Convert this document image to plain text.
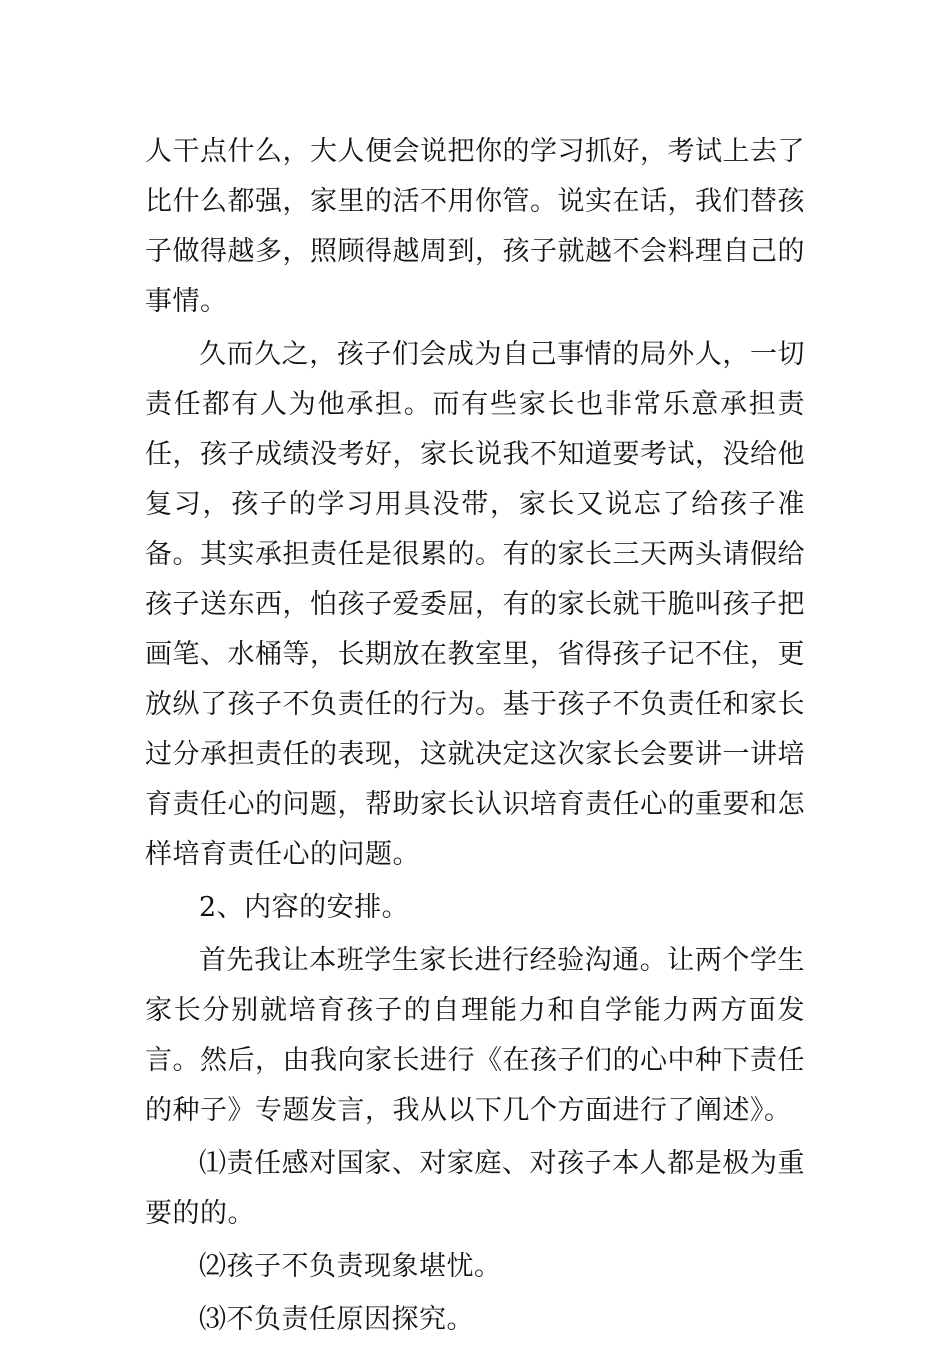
人干点什么，大人便会说把你的学习抓好，考试上去了比什么都强，家里的活不用你管。说实在话，我们替孩子做得越多，照顾得越周到，孩子就越不会料理自己的事情。

久而久之，孩子们会成为自己事情的局外人，一切责任都有人为他承担。而有些家长也非常乐意承担责任，孩子成绩没考好，家长说我不知道要考试，没给他复习，孩子的学习用具没带，家长又说忘了给孩子准备。其实承担责任是很累的。有的家长三天两头请假给孩子送东西，怕孩子爱委屈，有的家长就干脆叫孩子把画笔、水桶等，长期放在教室里，省得孩子记不住，更放纵了孩子不负责任的行为。基于孩子不负责任和家长过分承担责任的表现，这就决定这次家长会要讲一讲培育责任心的问题，帮助家长认识培育责任心的重要和怎样培育责任心的问题。

2、内容的安排。

首先我让本班学生家长进行经验沟通。让两个学生家长分别就培育孩子的自理能力和自学能力两方面发言。然后，由我向家长进行《在孩子们的心中种下责任的种子》专题发言，我从以下几个方面进行了阐述》。

⑴责任感对国家、对家庭、对孩子本人都是极为重要的的。

⑵孩子不负责现象堪忧。

⑶不负责任原因探究。
